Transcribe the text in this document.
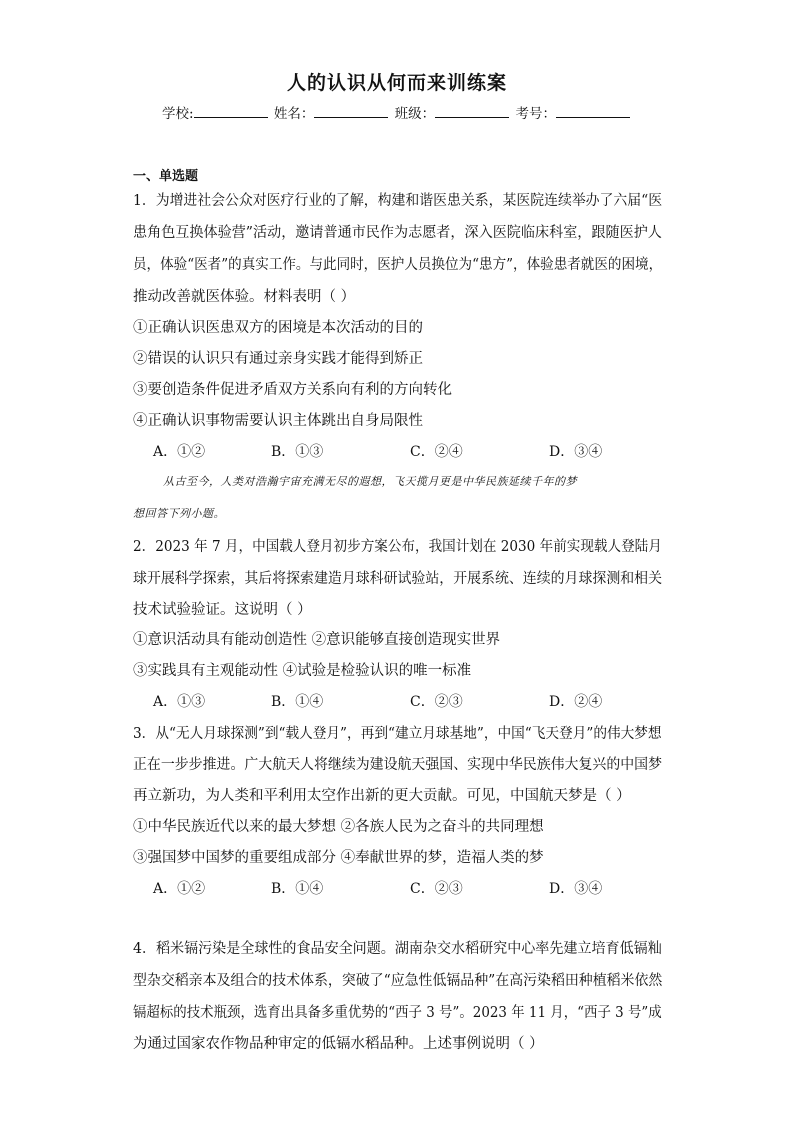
人的认识从何而来训练案
学校:	姓名：	班级：	考号：
一、单选题
1．为增进社会公众对医疗行业的了解，构建和谐医患关系，某医院连续举办了六届“医
患角色互换体验营”活动，邀请普通市民作为志愿者，深入医院临床科室，跟随医护人
员，体验“医者”的真实工作。与此同时，医护人员换位为“患方”，体验患者就医的困境，
推动改善就医体验。材料表明（ ）
①正确认识医患双方的困境是本次活动的目的
②错误的认识只有通过亲身实践才能得到矫正
③要创造条件促进矛盾双方关系向有利的方向转化
④正确认识事物需要认识主体跳出自身局限性
A．①②	B．①③	C．②④	D．③④
从古至今，人类对浩瀚宇宙充满无尽的遐想，飞天揽月更是中华民族延续千年的梦
想回答下列小题。
2．2023 年 7 月，中国载人登月初步方案公布，我国计划在 2030 年前实现载人登陆月
球开展科学探索，其后将探索建造月球科研试验站，开展系统、连续的月球探测和相关
技术试验验证。这说明（ ）
①意识活动具有能动创造性 ②意识能够直接创造现实世界
③实践具有主观能动性 ④试验是检验认识的唯一标准
A．①③	B．①④	C．②③	D．②④
3．从“无人月球探测”到“载人登月”，再到“建立月球基地”，中国“飞天登月”的伟大梦想
正在一步步推进。广大航天人将继续为建设航天强国、实现中华民族伟大复兴的中国梦
再立新功，为人类和平利用太空作出新的更大贡献。可见，中国航天梦是（ ）
①中华民族近代以来的最大梦想 ②各族人民为之奋斗的共同理想
③强国梦中国梦的重要组成部分 ④奉献世界的梦，造福人类的梦
A．①②	B．①④	C．②③	D．③④
4．稻米镉污染是全球性的食品安全问题。湖南杂交水稻研究中心率先建立培育低镉籼
型杂交稻亲本及组合的技术体系，突破了“应急性低镉品种”在高污染稻田种植稻米依然
镉超标的技术瓶颈，选育出具备多重优势的“西子 3 号”。2023 年 11 月，“西子 3 号”成
为通过国家农作物品种审定的低镉水稻品种。上述事例说明（ ）
